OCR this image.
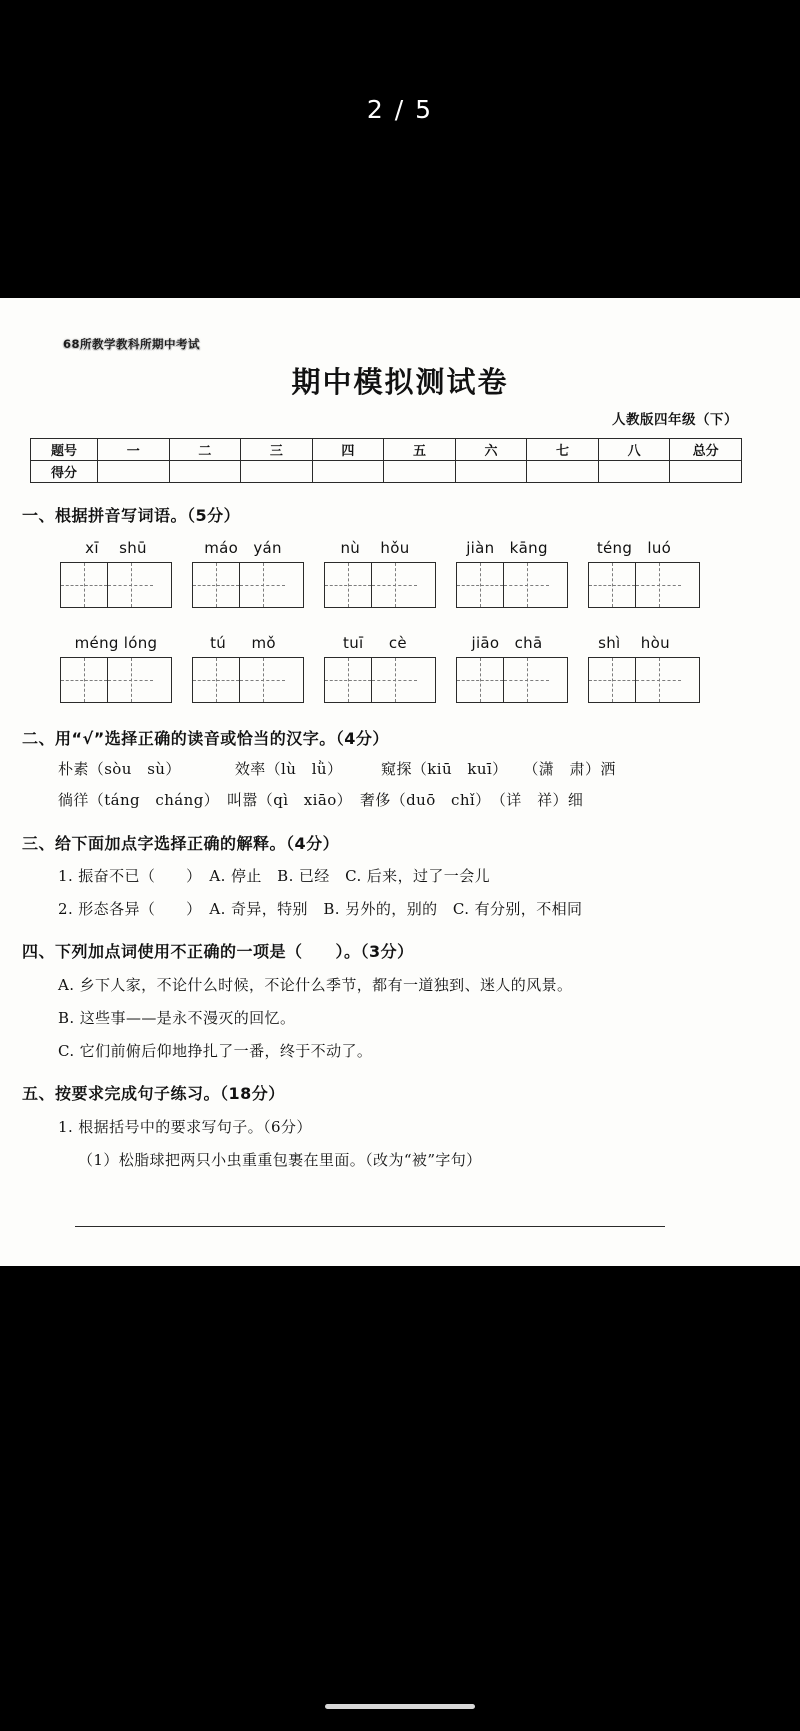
2 / 5
68所教学教科所期中考试
期中模拟测试卷
人教版四年级（下）
题号	一	二	三	四	五	六	七	八	总分
得分									
一、根据拼音写词语。（5分）
xī shū	máo yán	nù hǒu	jiàn kāng	téng luó
méng lóng	tú mǒ	tuī cè	jiāo chā	shì hòu
二、用“√”选择正确的读音或恰当的汉字。（4分）
朴素（sòu　sù）　　　　效率（lù　lǜ）　　　窥探（kiū　kuī）　　（潇　肃）洒
徜徉（táng　cháng）　叫嚣（qì　xiāo）　奢侈（duō　chǐ）　（详　祥）细
三、给下面加点字选择正确的解释。（4分）
1. 振奋不已（　　）　A. 停止　B. 已经　C. 后来，过了一会儿
2. 形态各异（　　）　A. 奇异，特别　B. 另外的，别的　C. 有分别，不相同
四、下列加点词使用不正确的一项是（　　）。（3分）
A. 乡下人家，不论什么时候，不论什么季节，都有一道独到、迷人的风景。
B. 这些事——是永不漫灭的回忆。
C. 它们前俯后仰地挣扎了一番，终于不动了。
五、按要求完成句子练习。（18分）
1. 根据括号中的要求写句子。（6分）
（1）松脂球把两只小虫重重包裹在里面。（改为“被”字句）
